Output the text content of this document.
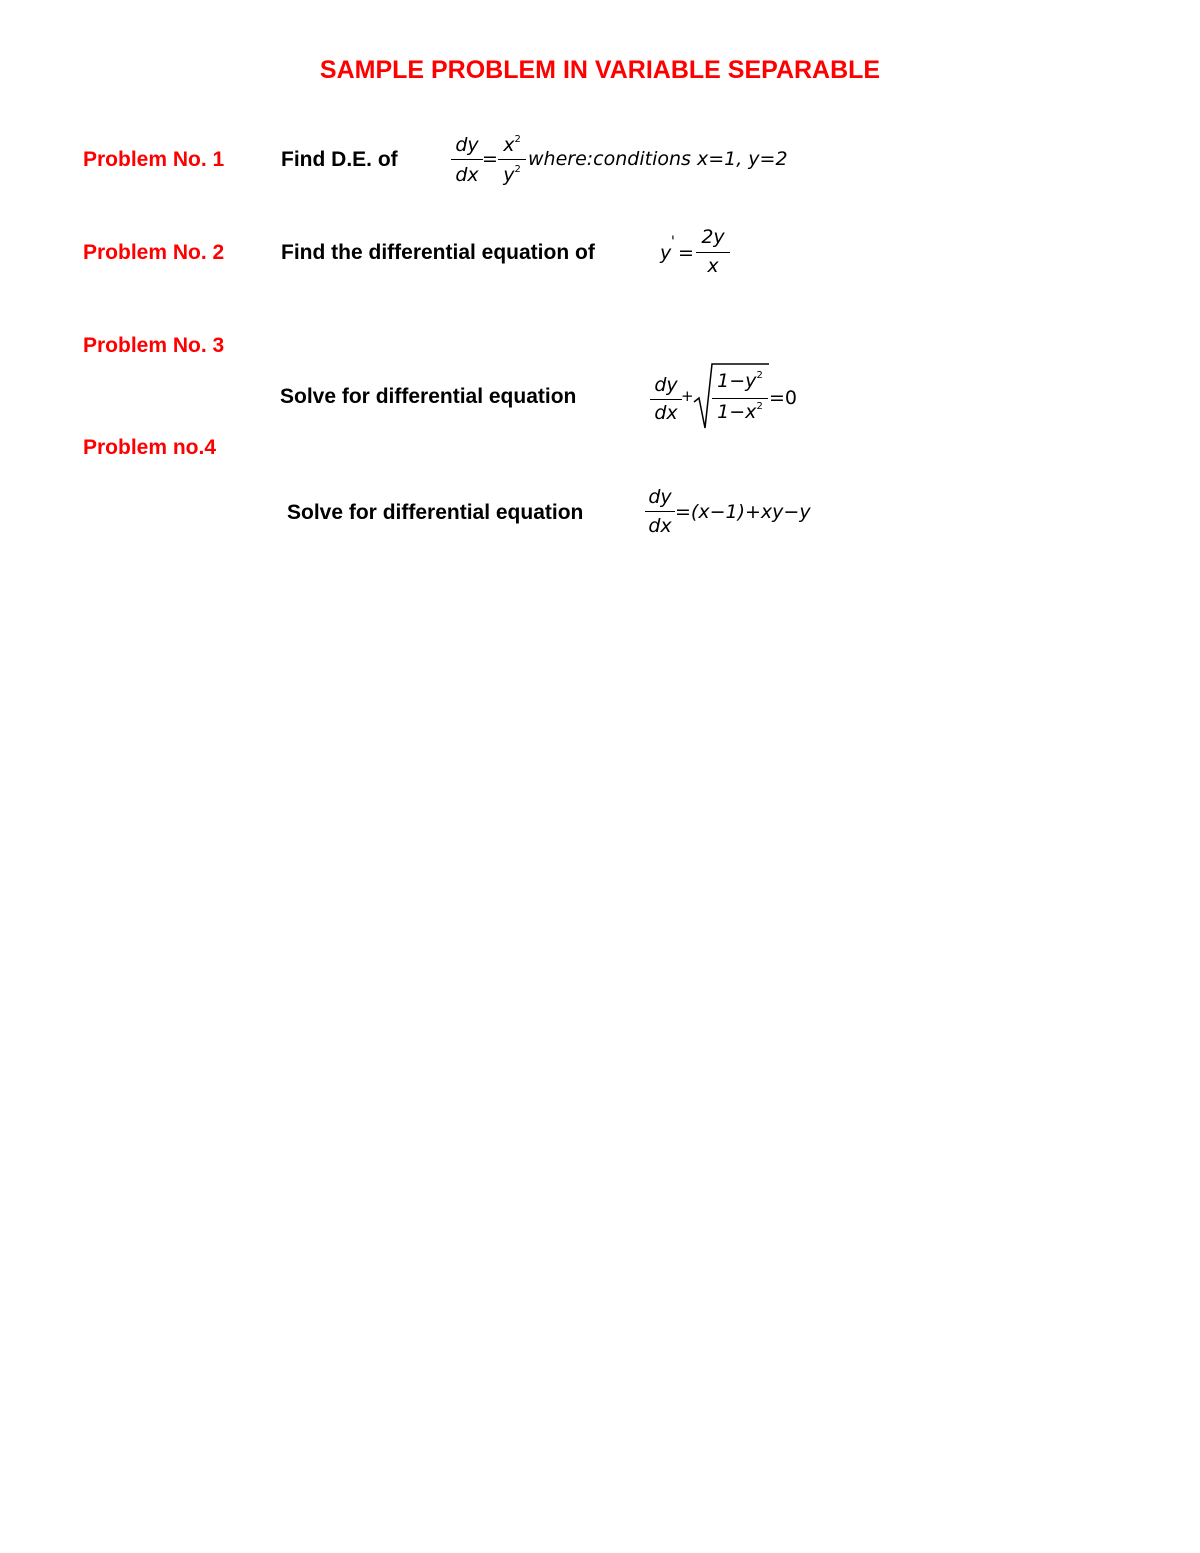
SAMPLE PROBLEM IN VARIABLE SEPARABLE
Problem No. 1	Find D.E. of
dy
dx
=
$x^2$
$y^2$ where:conditions x=1, y=2
Problem No. 2	Find the differential equation of	y ' =
2y
x
Problem No. 3
Solve for differential equation	dy
dx
+
$1-y^2$
$1-x^2 =0$
Problem no.4
Solve for differential equation
dy
dx
=(x−1)+xy−y
